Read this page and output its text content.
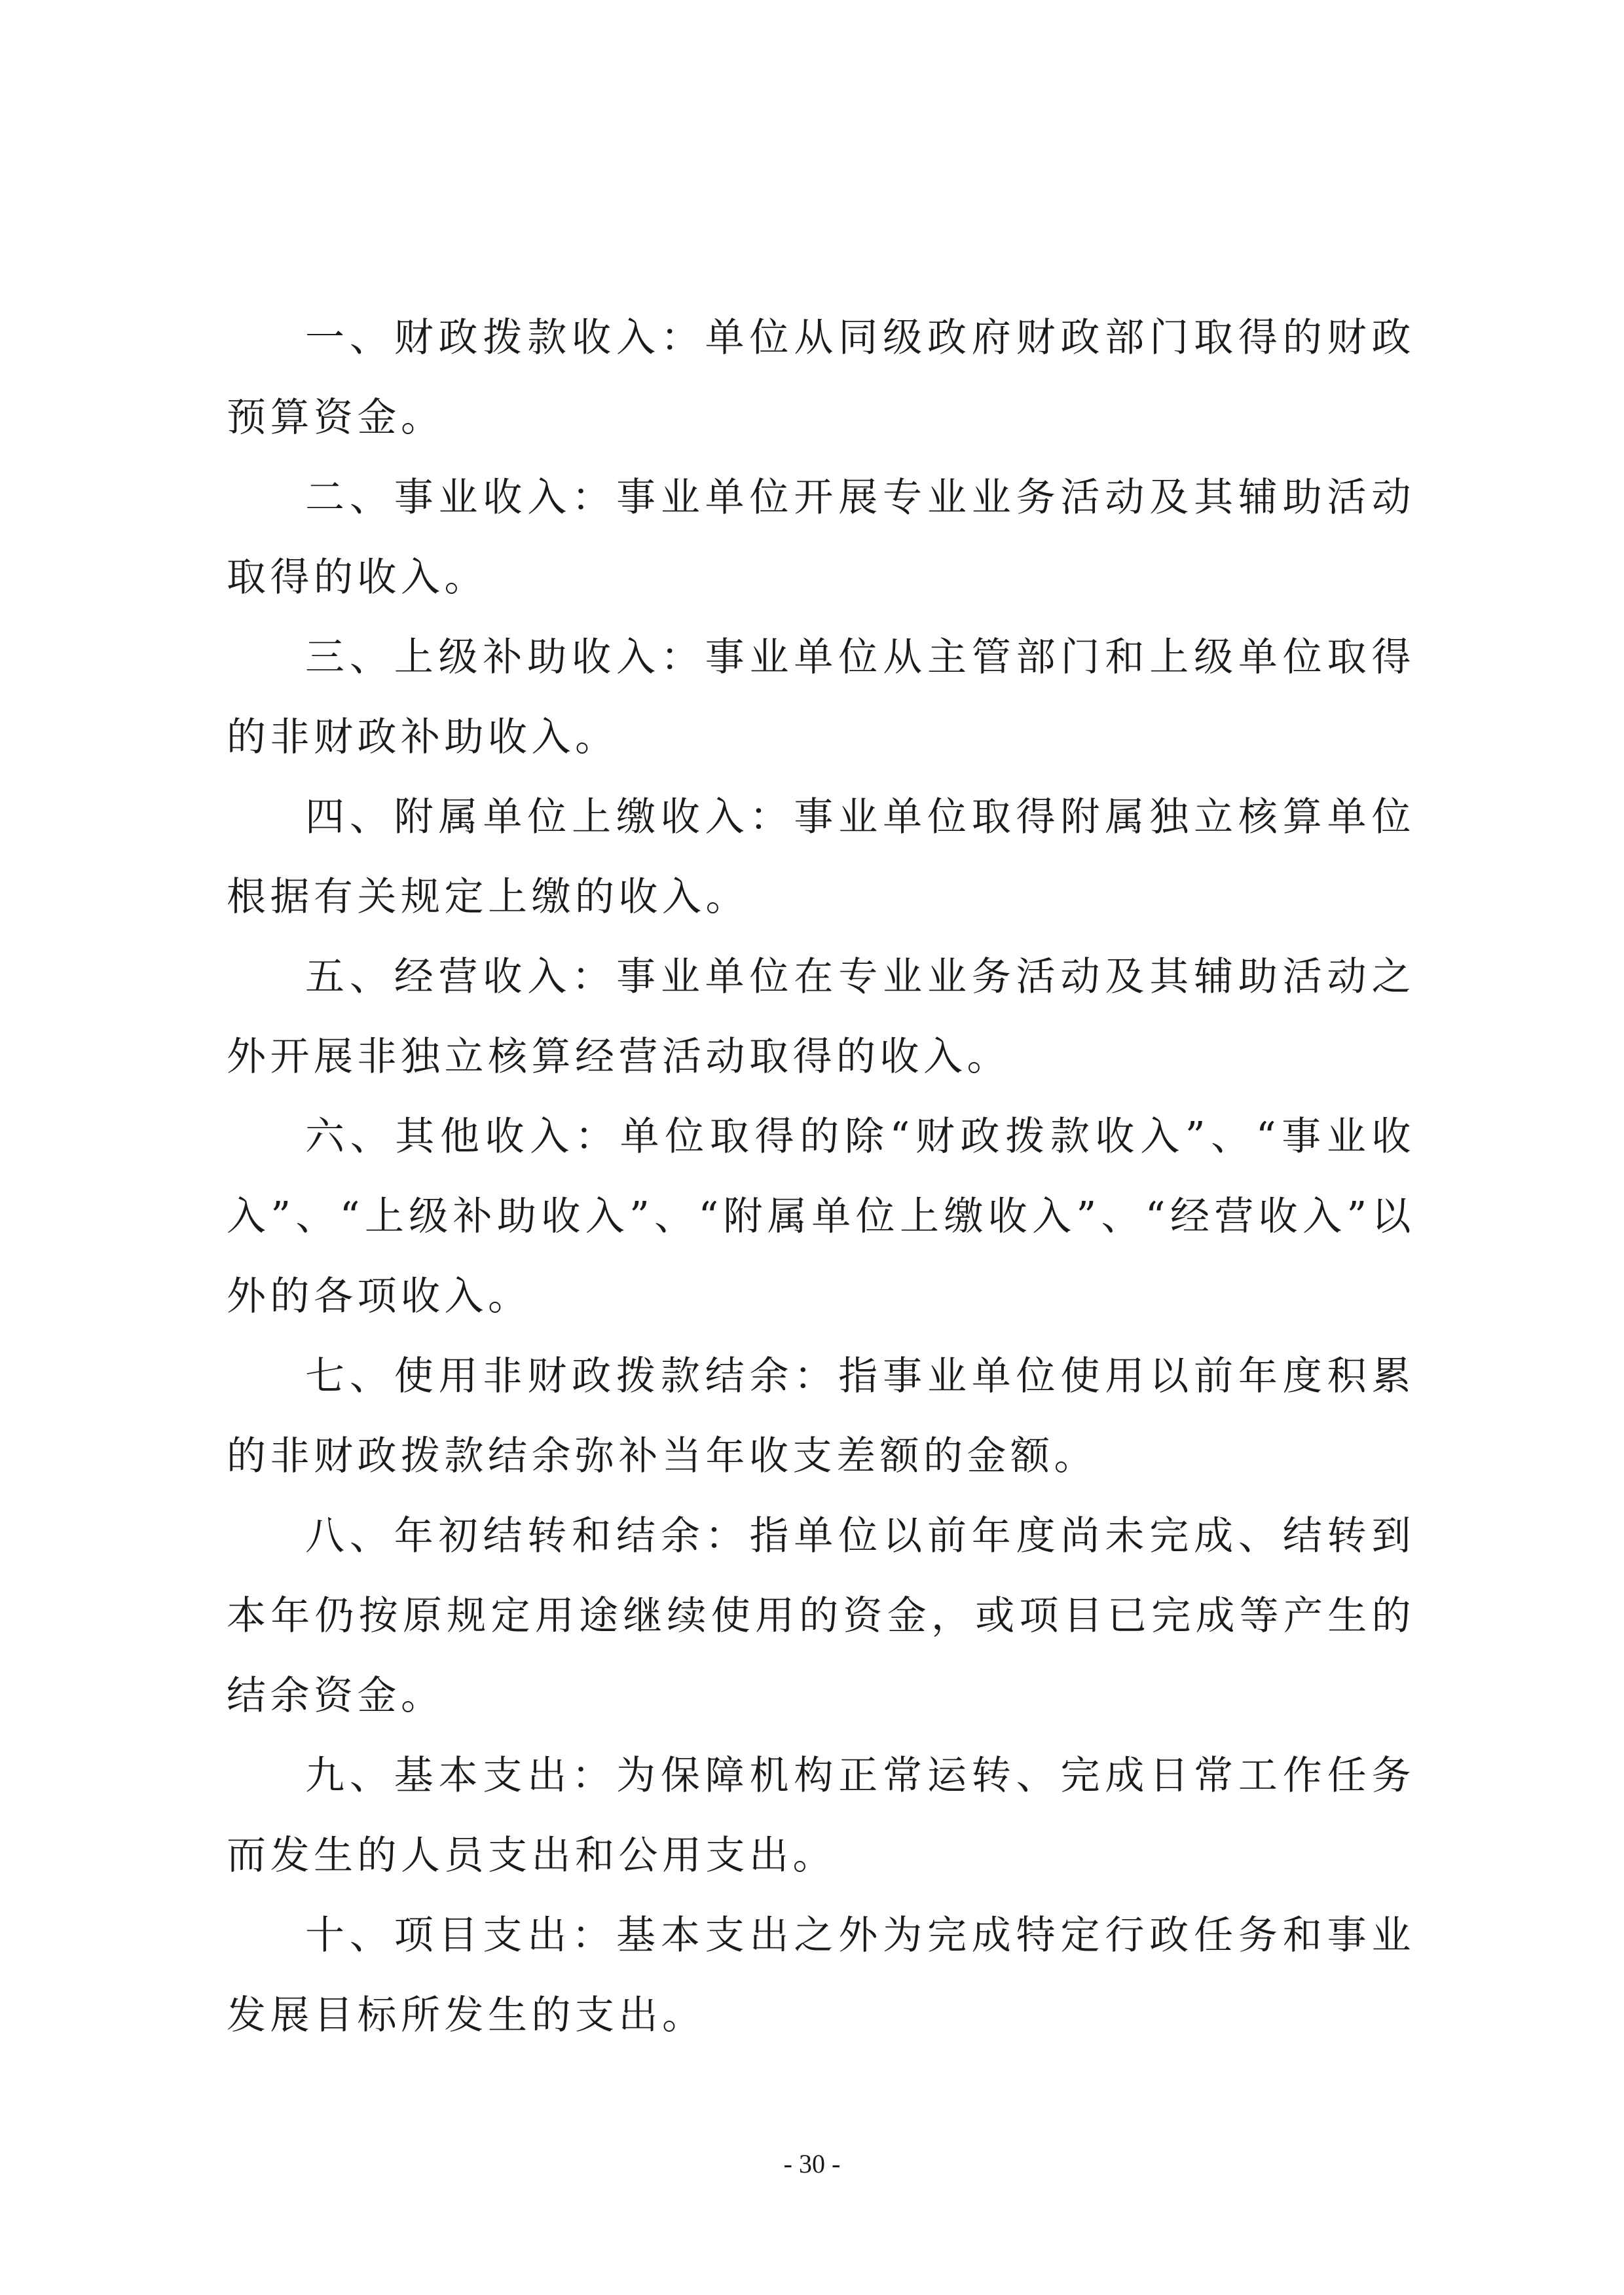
一、财政拨款收入：单位从同级政府财政部门取得的财政预算资金。

二、事业收入：事业单位开展专业业务活动及其辅助活动取得的收入。

三、上级补助收入：事业单位从主管部门和上级单位取得的非财政补助收入。

四、附属单位上缴收入：事业单位取得附属独立核算单位根据有关规定上缴的收入。

五、经营收入：事业单位在专业业务活动及其辅助活动之外开展非独立核算经营活动取得的收入。

六、其他收入：单位取得的除“财政拨款收入”、“事业收入”、“上级补助收入”、“附属单位上缴收入”、“经营收入”以外的各项收入。

七、使用非财政拨款结余：指事业单位使用以前年度积累的非财政拨款结余弥补当年收支差额的金额。

八、年初结转和结余：指单位以前年度尚未完成、结转到本年仍按原规定用途继续使用的资金，或项目已完成等产生的结余资金。

九、基本支出：为保障机构正常运转、完成日常工作任务而发生的人员支出和公用支出。

十、项目支出：基本支出之外为完成特定行政任务和事业发展目标所发生的支出。

- 30 -
